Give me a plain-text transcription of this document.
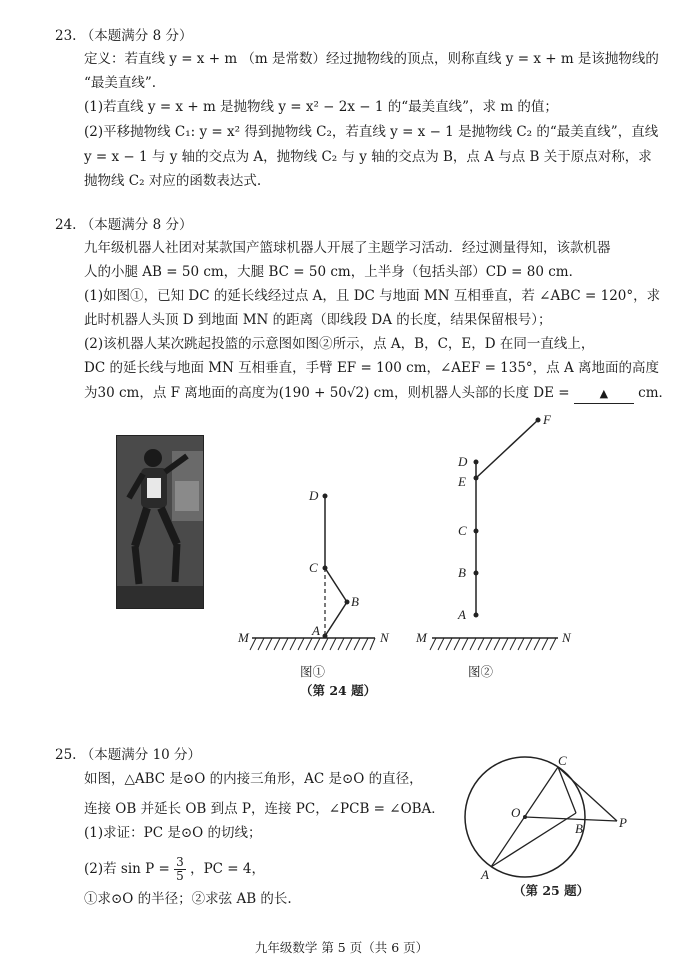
23. （本题满分 8 分）
定义：若直线 y = x + m （m 是常数）经过抛物线的顶点，则称直线 y = x + m 是该抛物线的
“最美直线”.
(1)若直线 y = x + m 是抛物线 y = x² − 2x − 1 的“最美直线”，求 m 的值；
(2)平移抛物线 C₁: y = x² 得到抛物线 C₂，若直线 y = x − 1 是抛物线 C₂ 的“最美直线”，直线
y = x − 1 与 y 轴的交点为 A，抛物线 C₂ 与 y 轴的交点为 B，点 A 与点 B 关于原点对称，求
抛物线 C₂ 对应的函数表达式.
24. （本题满分 8 分）
九年级机器人社团对某款国产篮球机器人开展了主题学习活动．经过测量得知，该款机器
人的小腿 AB = 50 cm，大腿 BC = 50 cm，上半身（包括头部）CD = 80 cm．
(1)如图①，已知 DC 的延长线经过点 A，且 DC 与地面 MN 互相垂直，若 ∠ABC = 120°，求
此时机器人头顶 D 到地面 MN 的距离（即线段 DA 的长度，结果保留根号）；
(2)该机器人某次跳起投篮的示意图如图②所示，点 A，B，C，E，D 在同一直线上，
DC 的延长线与地面 MN 互相垂直，手臂 EF = 100 cm，∠AEF = 135°，点 A 离地面的高度
为30 cm，点 F 离地面的高度为(190 + 50√2) cm，则机器人头部的长度 DE =	▲ cm．
D
C
B
A
M	N
图①
D
E
F
C
B
A
M	N
图②
（第 24 题）
25. （本题满分 10 分）
如图，△ABC 是⊙O 的内接三角形，AC 是⊙O 的直径，
连接 OB 并延长 OB 到点 P，连接 PC，∠PCB = ∠OBA．
(1)求证：PC 是⊙O 的切线；
(2)若 $\sin P = \frac{3}{5}$ ，PC = 4，
①求⊙O 的半径；②求弦 AB 的长.
C
O
B	P
A
（第 25 题）
九年级数学 第 5 页（共 6 页）
